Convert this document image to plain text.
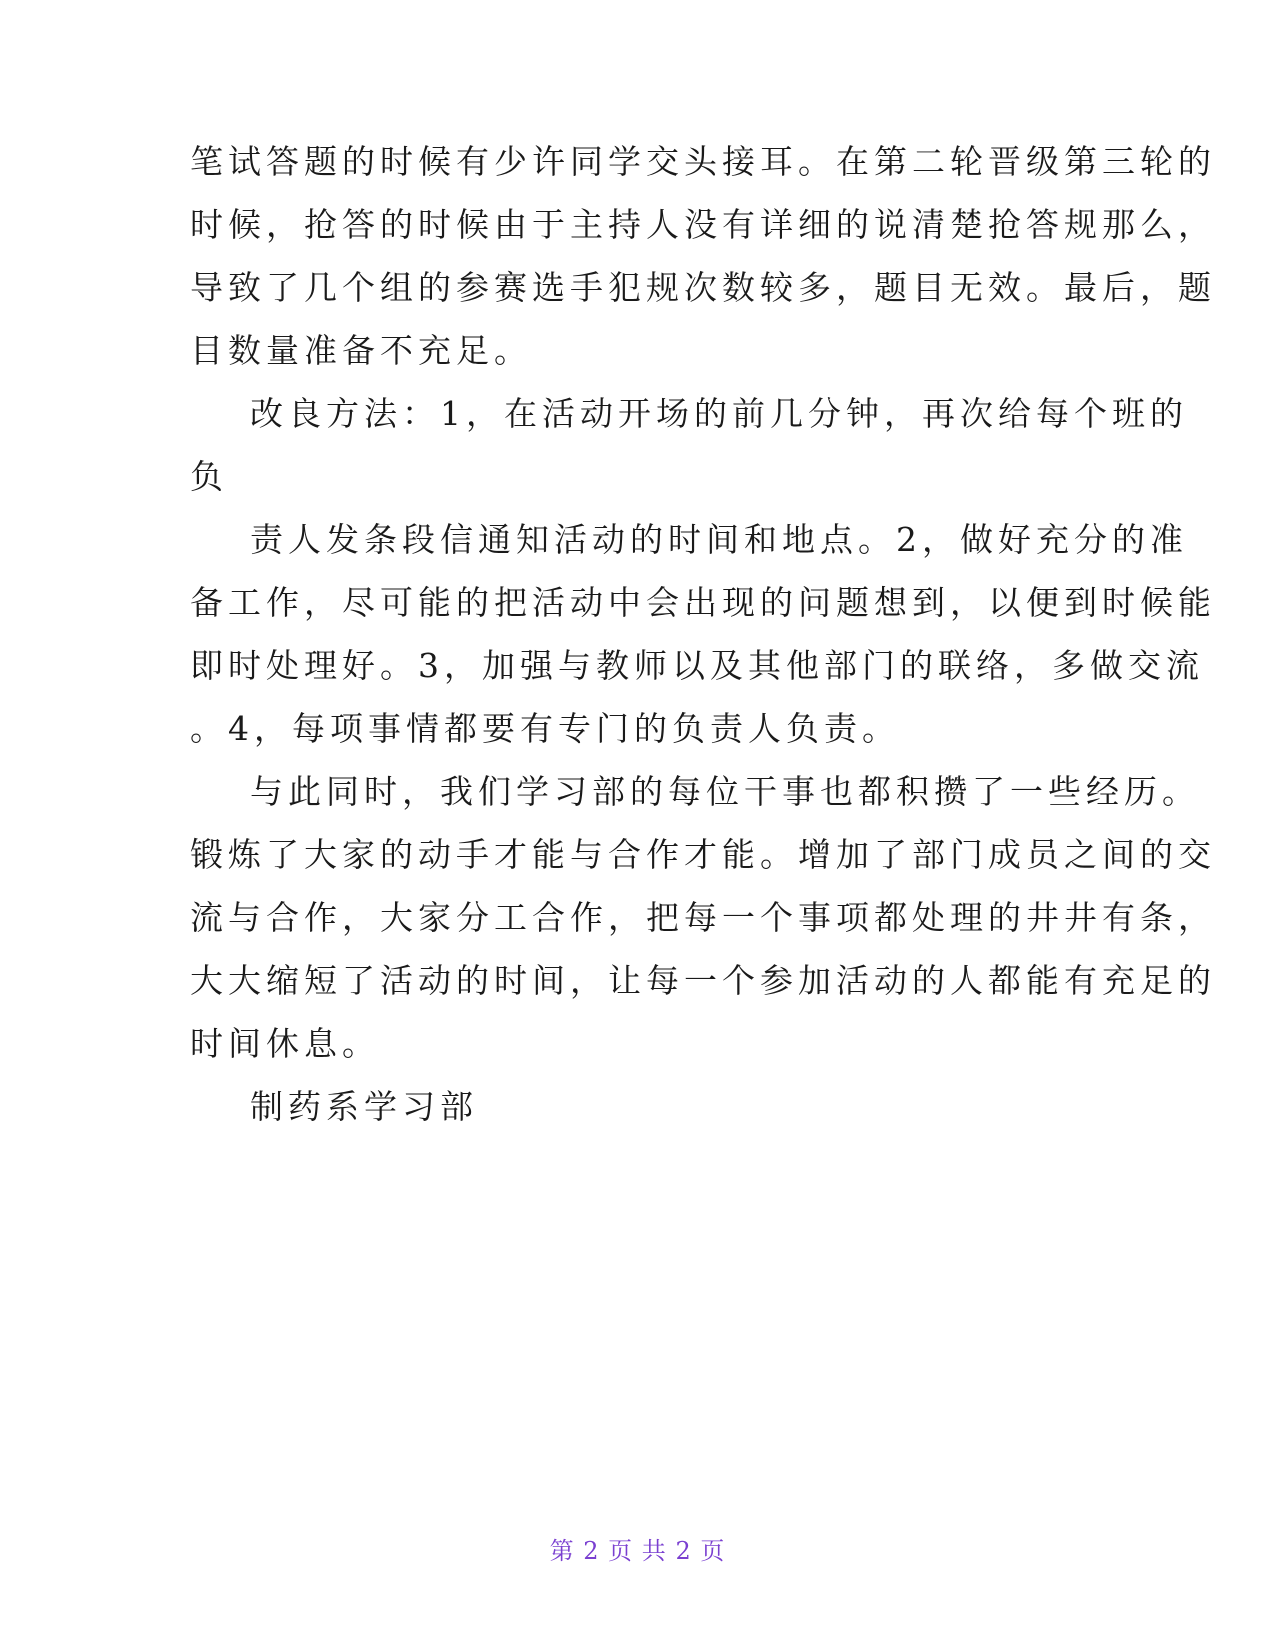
笔试答题的时候有少许同学交头接耳。在第二轮晋级第三轮的
时候，抢答的时候由于主持人没有详细的说清楚抢答规那么，
导致了几个组的参赛选手犯规次数较多，题目无效。最后，题
目数量准备不充足。
改良方法：1，在活动开场的前几分钟，再次给每个班的
负
责人发条段信通知活动的时间和地点。2，做好充分的准
备工作，尽可能的把活动中会出现的问题想到，以便到时候能
即时处理好。3，加强与教师以及其他部门的联络，多做交流
。4，每项事情都要有专门的负责人负责。
与此同时，我们学习部的每位干事也都积攒了一些经历。
锻炼了大家的动手才能与合作才能。增加了部门成员之间的交
流与合作，大家分工合作，把每一个事项都处理的井井有条，
大大缩短了活动的时间，让每一个参加活动的人都能有充足的
时间休息。
制药系学习部
第 2 页 共 2 页
